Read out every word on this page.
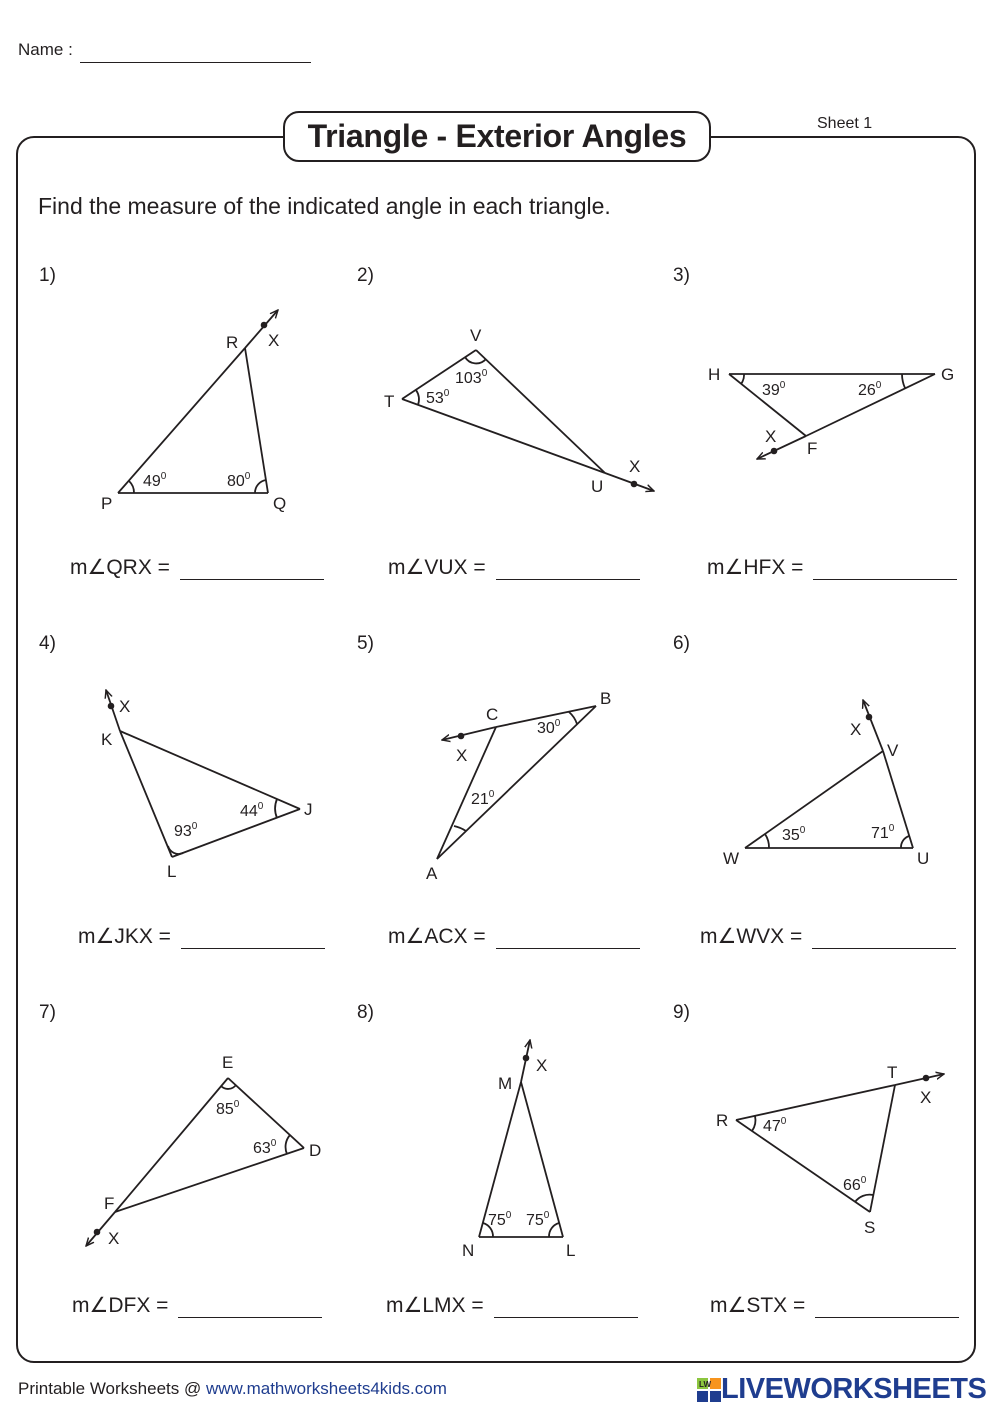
Name :
Triangle - Exterior Angles	Sheet 1
Find the measure of the indicated angle in each triangle.
1)	2)	3)
4)	5)	6)
7)	8)	9)
R X
P	Q
V
T
U
X
H	G
X
F
X
K
J
L
C
B
X
A
X
V
W	U
E
D
F
X
M
X
N	L
T
R
X
S
$49^0$	$80^0$
$103^0$
$53^0$	$39^0$	$26^0$
$44^0$
$93^0$
$30^0$
$21^0$
$35^0$	$71^0$
$85^0$
$63^0$
$75^0$ $75^0$
$47^0$
$66^0$
m∠QRX =	m∠VUX =	m∠HFX =
m∠JKX =	m∠ACX =	m∠WVX =
m∠DFX =	m∠LMX =	m∠STX =
Printable Worksheets @ www.mathworksheets4kids.com	LW LIVEWORKSHEETS
